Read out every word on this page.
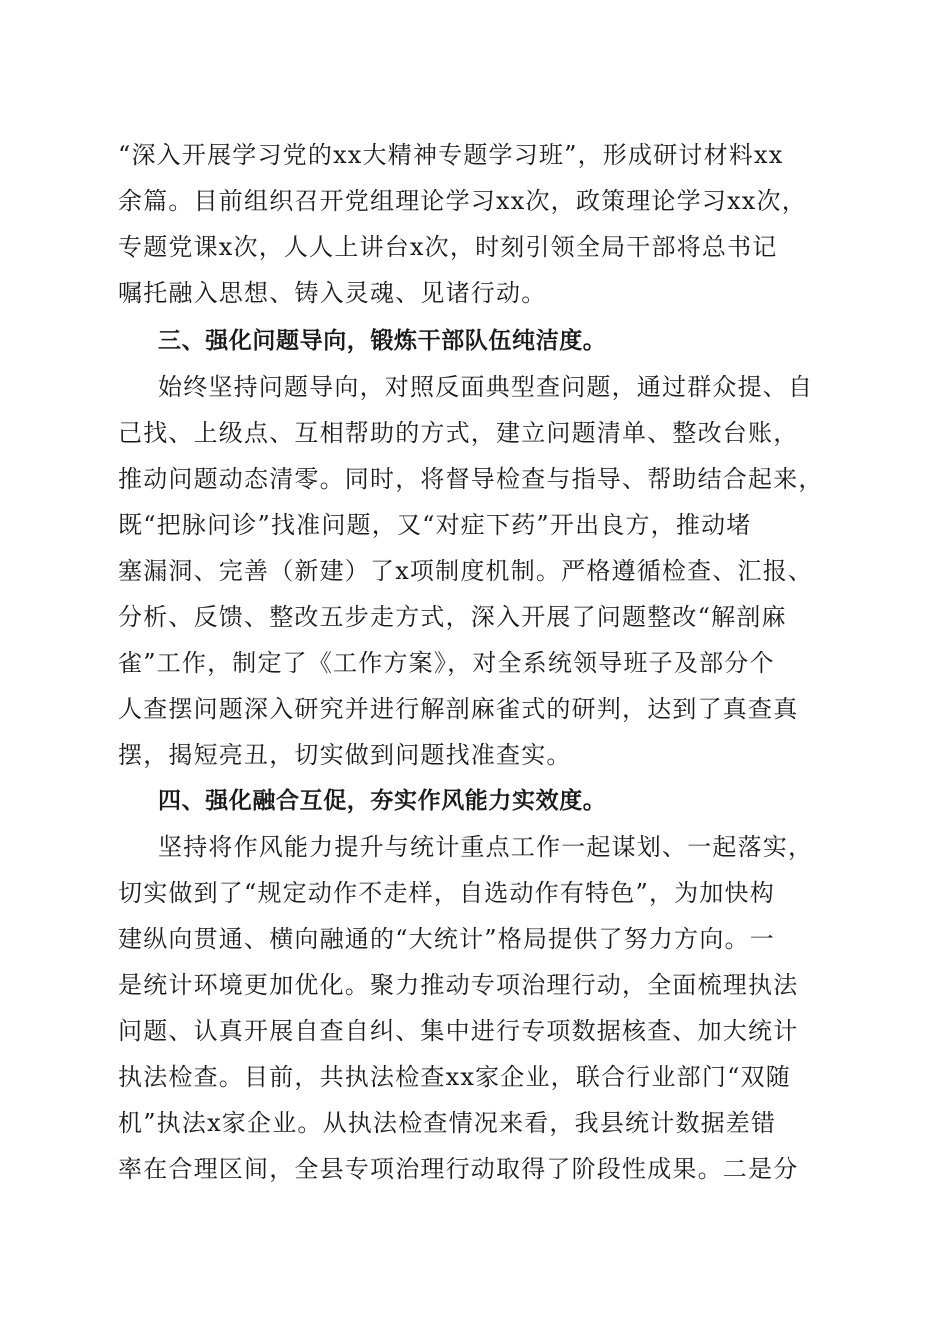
“深入开展学习党的xx大精神专题学习班”，形成研讨材料xx
余篇。目前组织召开党组理论学习xx次，政策理论学习xx次，
专题党课x次，人人上讲台x次，时刻引领全局干部将总书记
嘱托融入思想、铸入灵魂、见诸行动。
三、强化问题导向，锻炼干部队伍纯洁度。
始终坚持问题导向，对照反面典型查问题，通过群众提、自
己找、上级点、互相帮助的方式，建立问题清单、整改台账，
推动问题动态清零。同时，将督导检查与指导、帮助结合起来，
既“把脉问诊”找准问题，又“对症下药”开出良方，推动堵
塞漏洞、完善（新建）了x项制度机制。严格遵循检查、汇报、
分析、反馈、整改五步走方式，深入开展了问题整改“解剖麻
雀”工作，制定了《工作方案》，对全系统领导班子及部分个
人查摆问题深入研究并进行解剖麻雀式的研判，达到了真查真
摆，揭短亮丑，切实做到问题找准查实。
四、强化融合互促，夯实作风能力实效度。
坚持将作风能力提升与统计重点工作一起谋划、一起落实，
切实做到了“规定动作不走样，自选动作有特色”，为加快构
建纵向贯通、横向融通的“大统计”格局提供了努力方向。一
是统计环境更加优化。聚力推动专项治理行动，全面梳理执法
问题、认真开展自查自纠、集中进行专项数据核查、加大统计
执法检查。目前，共执法检查xx家企业，联合行业部门“双随
机”执法x家企业。从执法检查情况来看，我县统计数据差错
率在合理区间，全县专项治理行动取得了阶段性成果。二是分
